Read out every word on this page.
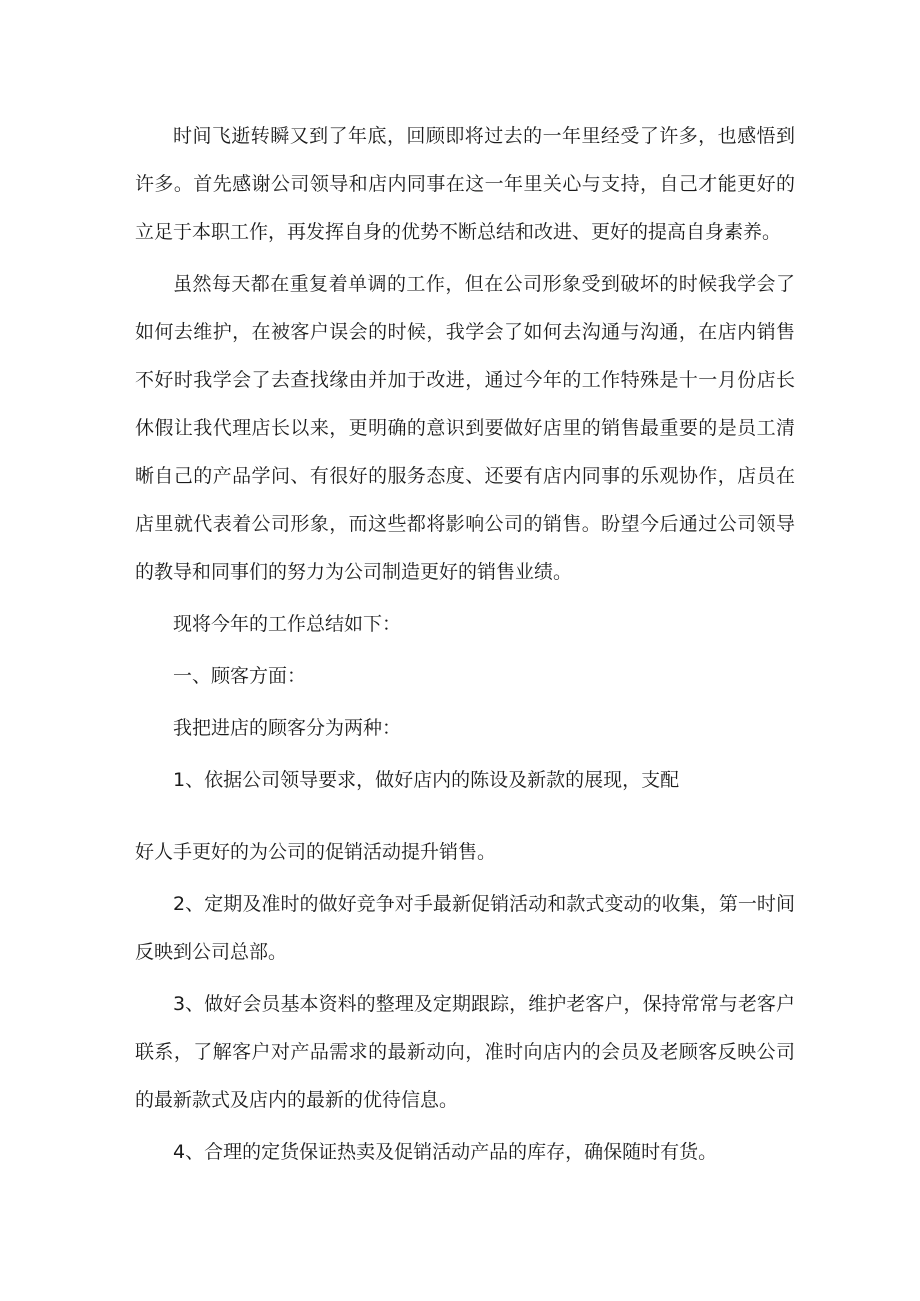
时间飞逝转瞬又到了年底，回顾即将过去的一年里经受了许多，也感悟到许多。首先感谢公司领导和店内同事在这一年里关心与支持，自己才能更好的立足于本职工作，再发挥自身的优势不断总结和改进、更好的提高自身素养。

虽然每天都在重复着单调的工作，但在公司形象受到破坏的时候我学会了如何去维护，在被客户误会的时候，我学会了如何去沟通与沟通，在店内销售不好时我学会了去查找缘由并加于改进，通过今年的工作特殊是十一月份店长休假让我代理店长以来，更明确的意识到要做好店里的销售最重要的是员工清晰自己的产品学问、有很好的服务态度、还要有店内同事的乐观协作，店员在店里就代表着公司形象，而这些都将影响公司的销售。盼望今后通过公司领导的教导和同事们的努力为公司制造更好的销售业绩。

现将今年的工作总结如下：

一、顾客方面：

我把进店的顾客分为两种：

1、依据公司领导要求，做好店内的陈设及新款的展现，支配

好人手更好的为公司的促销活动提升销售。

2、定期及准时的做好竞争对手最新促销活动和款式变动的收集，第一时间反映到公司总部。

3、做好会员基本资料的整理及定期跟踪，维护老客户，保持常常与老客户联系，了解客户对产品需求的最新动向，准时向店内的会员及老顾客反映公司的最新款式及店内的最新的优待信息。

4、合理的定货保证热卖及促销活动产品的库存，确保随时有货。
